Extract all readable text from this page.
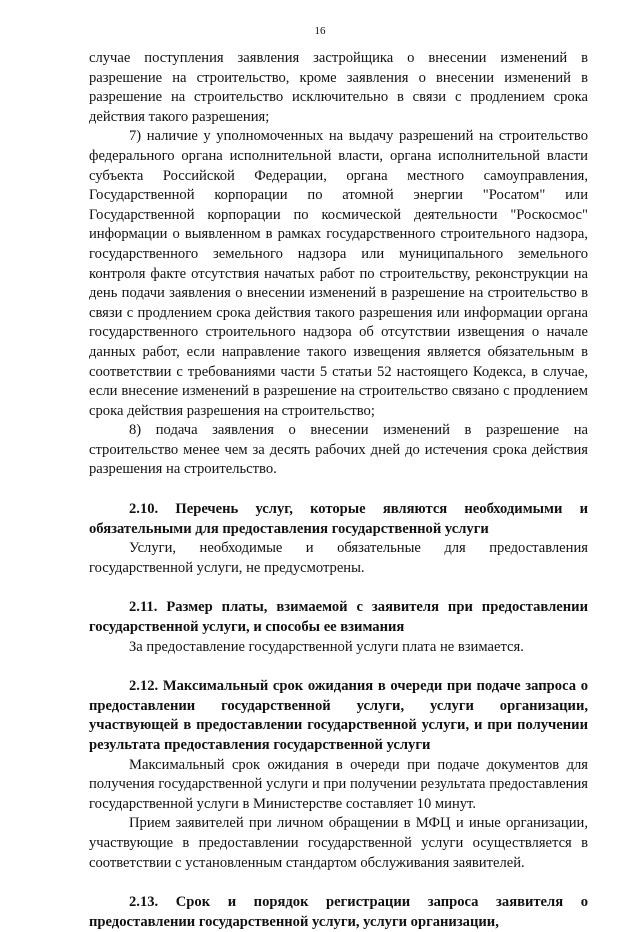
16

случае поступления заявления застройщика о внесении изменений в разрешение на строительство, кроме заявления о внесении изменений в разрешение на строительство исключительно в связи с продлением срока действия такого разрешения;

7) наличие у уполномоченных на выдачу разрешений на строительство федерального органа исполнительной власти, органа исполнительной власти субъекта Российской Федерации, органа местного самоуправления, Государственной корпорации по атомной энергии "Росатом" или Государственной корпорации по космической деятельности "Роскосмос" информации о выявленном в рамках государственного строительного надзора, государственного земельного надзора или муниципального земельного контроля факте отсутствия начатых работ по строительству, реконструкции на день подачи заявления о внесении изменений в разрешение на строительство в связи с продлением срока действия такого разрешения или информации органа государственного строительного надзора об отсутствии извещения о начале данных работ, если направление такого извещения является обязательным в соответствии с требованиями части 5 статьи 52 настоящего Кодекса, в случае, если внесение изменений в разрешение на строительство связано с продлением срока действия разрешения на строительство;

8) подача заявления о внесении изменений в разрешение на строительство менее чем за десять рабочих дней до истечения срока действия разрешения на строительство.

2.10. Перечень услуг, которые являются необходимыми и обязательными для предоставления государственной услуги

Услуги, необходимые и обязательные для предоставления государственной услуги, не предусмотрены.

2.11. Размер платы, взимаемой с заявителя при предоставлении государственной услуги, и способы ее взимания

За предоставление государственной услуги плата не взимается.

2.12. Максимальный срок ожидания в очереди при подаче запроса о предоставлении государственной услуги, услуги организации, участвующей в предоставлении государственной услуги, и при получении результата предоставления государственной услуги

Максимальный срок ожидания в очереди при подаче документов для получения государственной услуги и при получении результата предоставления государственной услуги в Министерстве составляет 10 минут.

Прием заявителей при личном обращении в МФЦ и иные организации, участвующие в предоставлении государственной услуги осуществляется в соответствии с установленным стандартом обслуживания заявителей.

2.13. Срок и порядок регистрации запроса заявителя о предоставлении государственной услуги, услуги организации,
